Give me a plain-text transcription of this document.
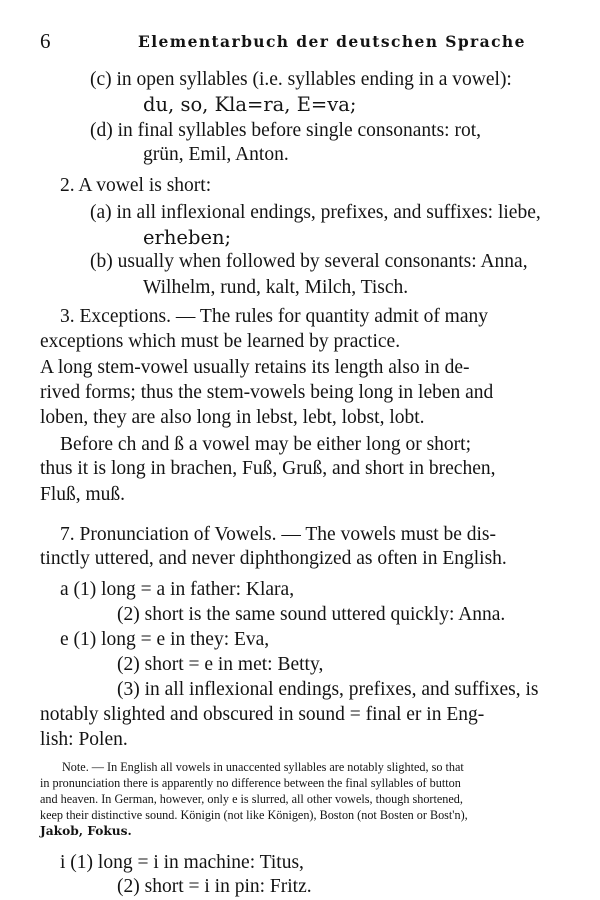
6	Elementarbuch der deutschen Sprache
(c) in open syllables (i.e. syllables ending in a vowel):
du, so, Kla=ra, E=va;
(d) in final syllables before single consonants: rot,
grün, Emil, Anton.
2. A vowel is short:
(a) in all inflexional endings, prefixes, and suffixes: liebe,
erheben;
(b) usually when followed by several consonants: Anna,
Wilhelm, rund, kalt, Milch, Tisch.
3. Exceptions. — The rules for quantity admit of many
exceptions which must be learned by practice.
A long stem-vowel usually retains its length also in de-
rived forms; thus the stem-vowels being long in leben and
loben, they are also long in lebst, lebt, lobst, lobt.
Before ch and ß a vowel may be either long or short;
thus it is long in brachen, Fuß, Gruß, and short in brechen,
Fluß, muß.
7. Pronunciation of Vowels. — The vowels must be dis-
tinctly uttered, and never diphthongized as often in English.
a (1) long = a in father: Klara,
(2) short is the same sound uttered quickly: Anna.
e (1) long = e in they: Eva,
(2) short = e in met: Betty,
(3) in all inflexional endings, prefixes, and suffixes, is
notably slighted and obscured in sound = final er in Eng-
lish: Polen.
Note. — In English all vowels in unaccented syllables are notably slighted, so that
in pronunciation there is apparently no difference between the final syllables of button
and heaven. In German, however, only e is slurred, all other vowels, though shortened,
keep their distinctive sound. Königin (not like Königen), Boston (not Bosten or Bost'n),
Jakob, Fokus.
i (1) long = i in machine: Titus,
(2) short = i in pin: Fritz.
